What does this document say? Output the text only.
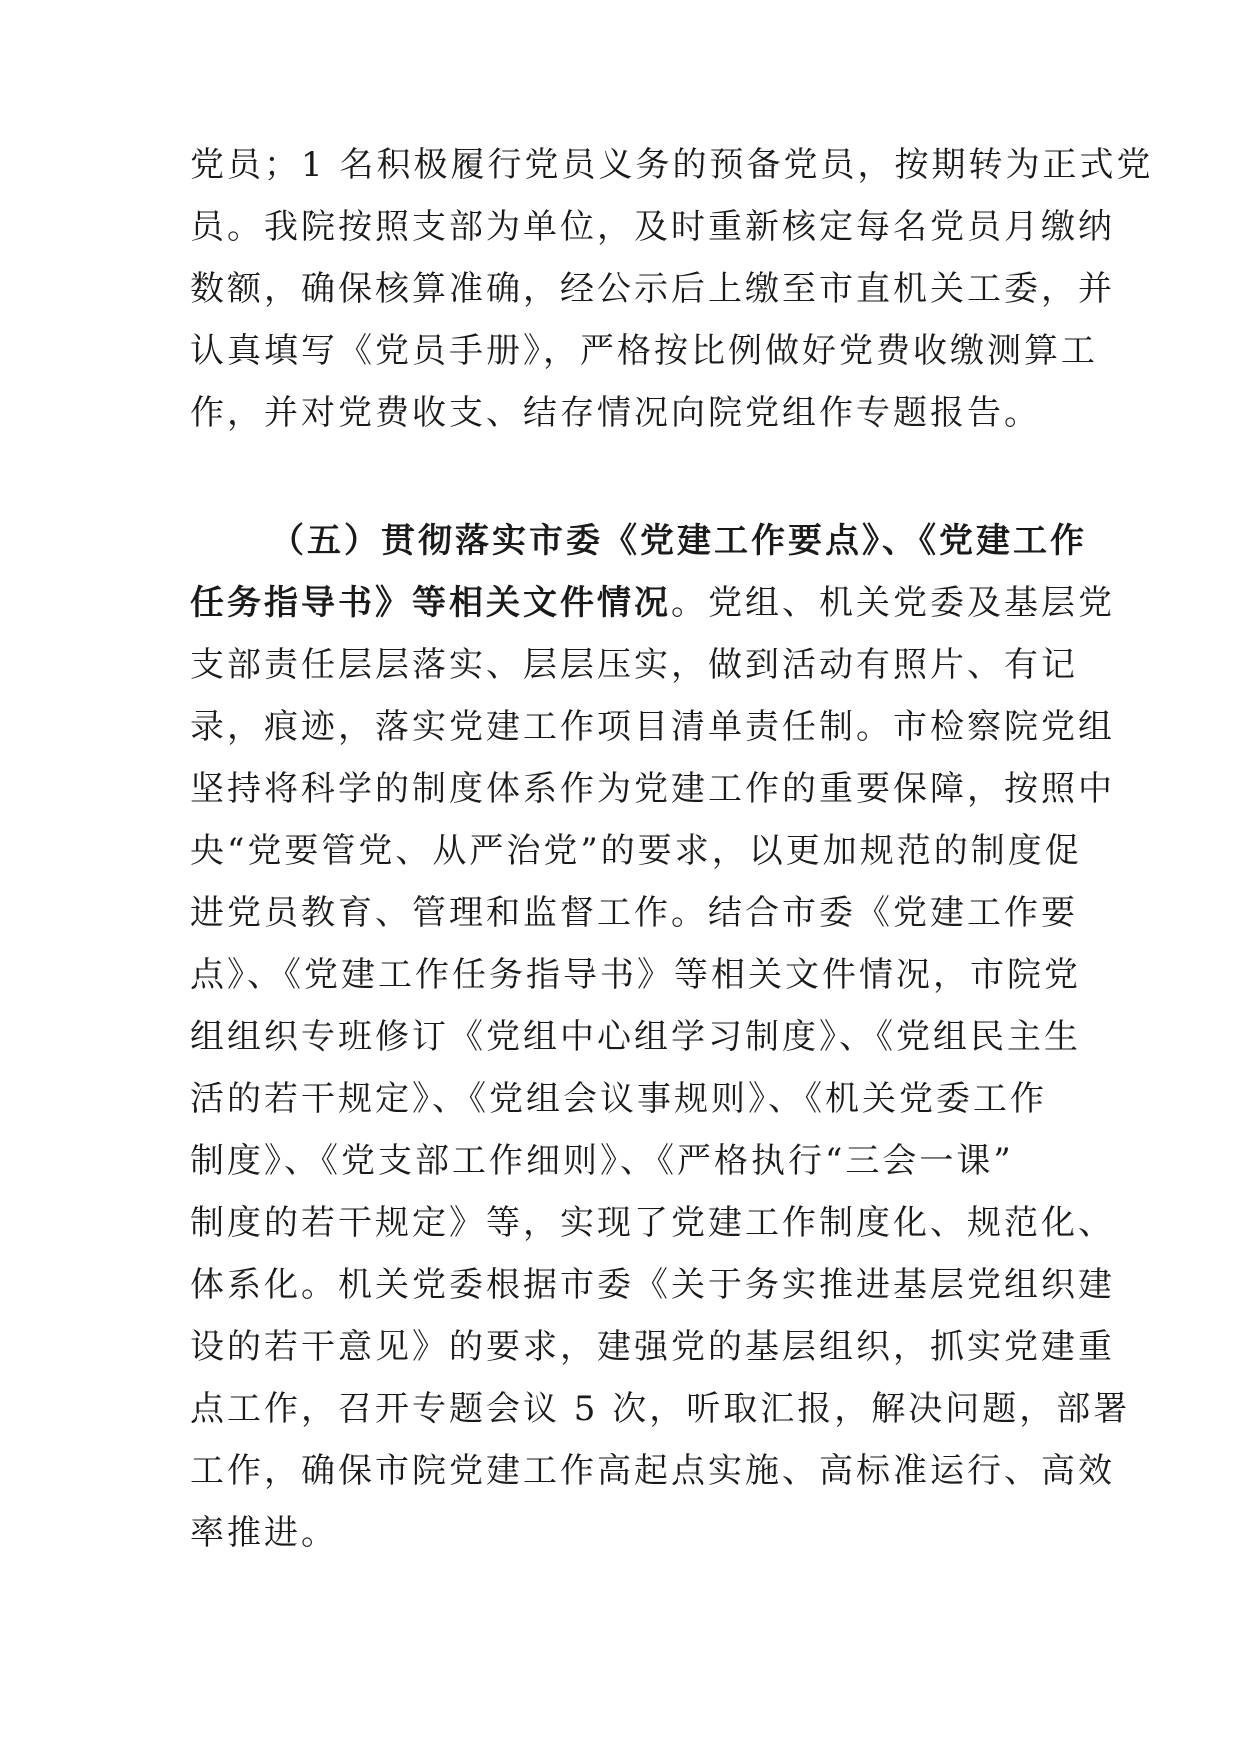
党员；1 名积极履行党员义务的预备党员，按期转为正式党
员。我院按照支部为单位，及时重新核定每名党员月缴纳
数额，确保核算准确，经公示后上缴至市直机关工委，并
认真填写《党员手册》，严格按比例做好党费收缴测算工
作，并对党费收支、结存情况向院党组作专题报告。
（五）贯彻落实市委《党建工作要点》、《党建工作
任务指导书》等相关文件情况。党组、机关党委及基层党
支部责任层层落实、层层压实，做到活动有照片、有记
录，痕迹，落实党建工作项目清单责任制。市检察院党组
坚持将科学的制度体系作为党建工作的重要保障，按照中
央“党要管党、从严治党”的要求，以更加规范的制度促
进党员教育、管理和监督工作。结合市委《党建工作要
点》、《党建工作任务指导书》等相关文件情况，市院党
组组织专班修订《党组中心组学习制度》、《党组民主生
活的若干规定》、《党组会议事规则》、《机关党委工作
制度》、《党支部工作细则》、《严格执行“三会一课”
制度的若干规定》等，实现了党建工作制度化、规范化、
体系化。机关党委根据市委《关于务实推进基层党组织建
设的若干意见》的要求，建强党的基层组织，抓实党建重
点工作，召开专题会议 5 次，听取汇报，解决问题，部署
工作，确保市院党建工作高起点实施、高标准运行、高效
率推进。
